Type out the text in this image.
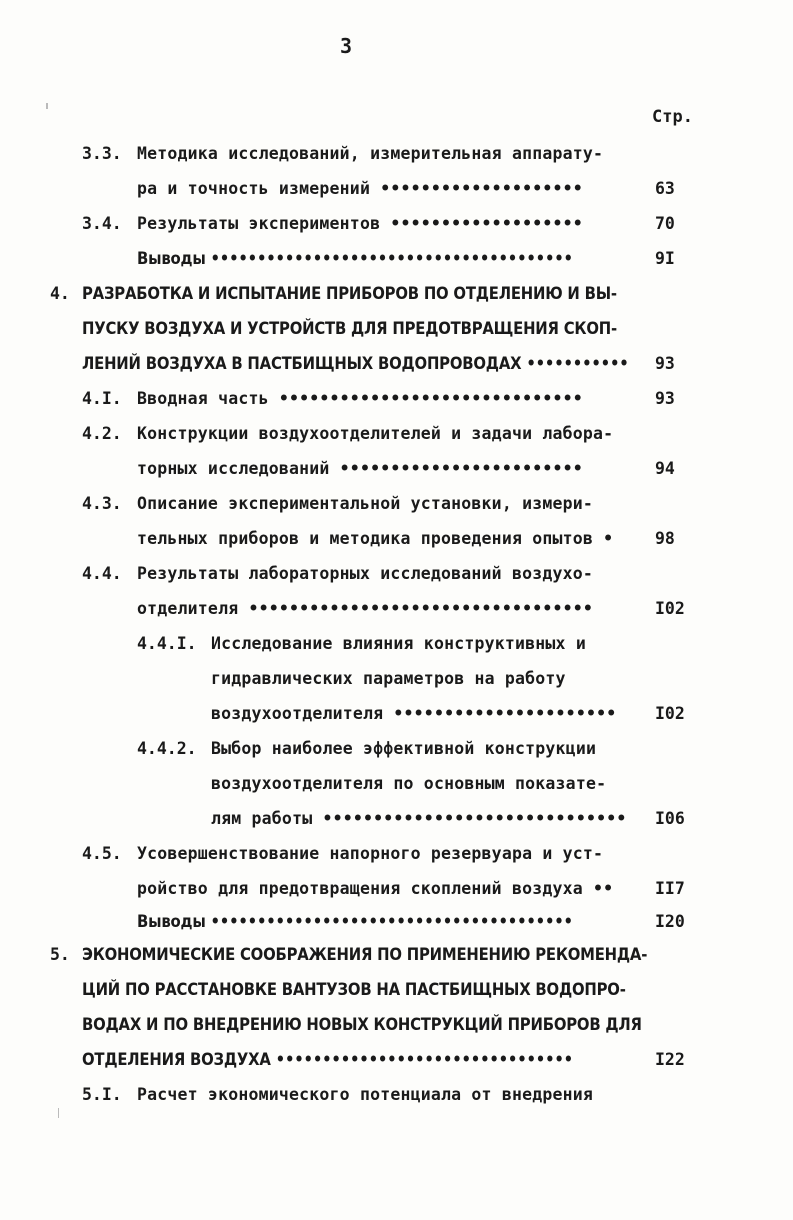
3
Стр.
3.3. Методика исследований, измерительная аппарату-
ра и точность измерений ••••••••••••••••••••	63
3.4. Результаты экспериментов •••••••••••••••••••	70
Выводы •••••••••••••••••••••••••••••••••••••••	9I
4. РАЗРАБОТКА И ИСПЫТАНИЕ ПРИБОРОВ ПО ОТДЕЛЕНИЮ И ВЫ-
ПУСКУ ВОЗДУХА И УСТРОЙСТВ ДЛЯ ПРЕДОТВРАЩЕНИЯ СКОП-
ЛЕНИЙ ВОЗДУХА В ПАСТБИЩНЫХ ВОДОПРОВОДАХ ••••••••••• 93
4.I. Вводная часть ••••••••••••••••••••••••••••••	93
4.2. Конструкции воздухоотделителей и задачи лабора-
торных исследований ••••••••••••••••••••••••	94
4.3. Описание экспериментальной установки, измери-
тельных приборов и методика проведения опытов •	98
4.4. Результаты лабораторных исследований воздухо-
отделителя ••••••••••••••••••••••••••••••••••	I02
4.4.I. Исследование влияния конструктивных и
гидравлических параметров на работу
воздухоотделителя •••••••••••••••••••••• I02
4.4.2. Выбор наиболее эффективной конструкции
воздухоотделителя по основным показате-
лям работы •••••••••••••••••••••••••••••• I06
4.5. Усовершенствование напорного резервуара и уст-
ройство для предотвращения скоплений воздуха ••	II7
Выводы •••••••••••••••••••••••••••••••••••••••	I20
5. ЭКОНОМИЧЕСКИЕ СООБРАЖЕНИЯ ПО ПРИМЕНЕНИЮ РЕКОМЕНДА-
ЦИЙ ПО РАССТАНОВКЕ ВАНТУЗОВ НА ПАСТБИЩНЫХ ВОДОПРО-
ВОДАХ И ПО ВНЕДРЕНИЮ НОВЫХ КОНСТРУКЦИЙ ПРИБОРОВ ДЛЯ
ОТДЕЛЕНИЯ ВОЗДУХА ••••••••••••••••••••••••••••••••	I22
5.I. Расчет экономического потенциала от внедрения
